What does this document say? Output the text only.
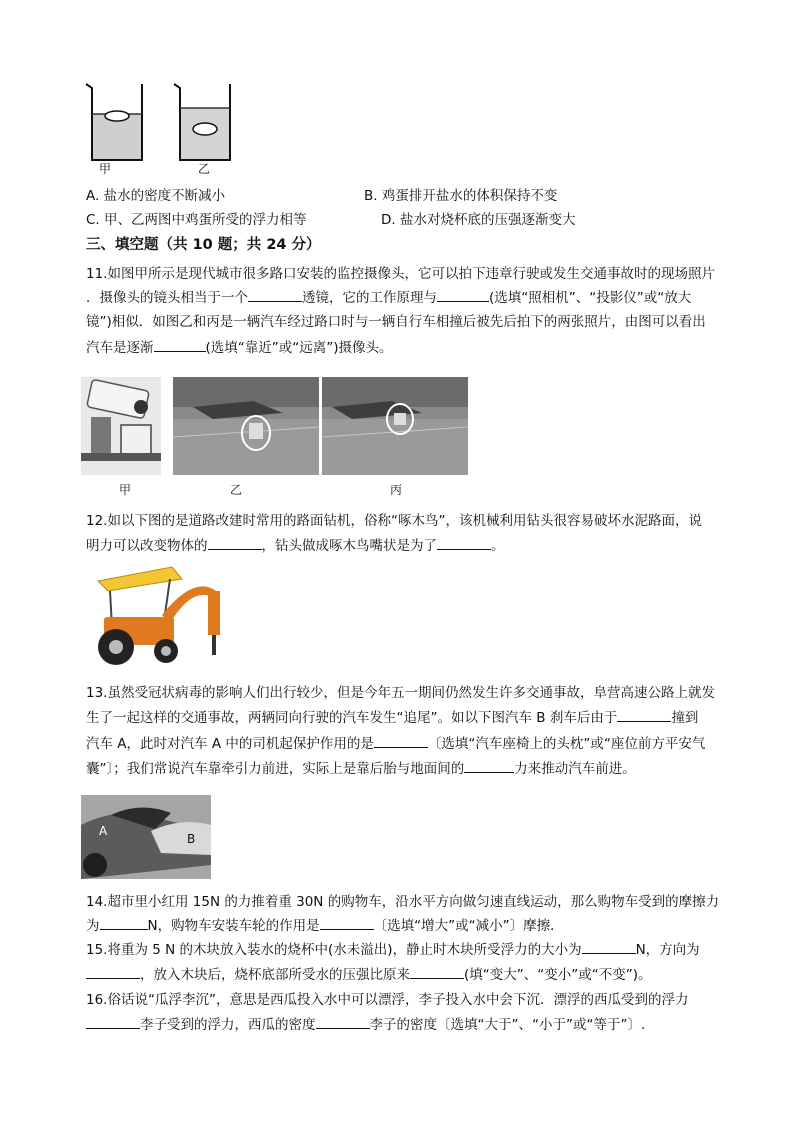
甲	乙
A. 盐水的密度不断减小	B. 鸡蛋排开盐水的体积保持不变
C. 甲、乙两图中鸡蛋所受的浮力相等	D. 盐水对烧杯底的压强逐渐变大
三、填空题（共 10 题；共 24 分）
11.如图甲所示是现代城市很多路口安装的监控摄像头，它可以拍下违章行驶或发生交通事故时的现场照片
．摄像头的镜头相当于一个	透镜，它的工作原理与	(选填“照相机”、“投影仪”或“放大
镜”)相似．如图乙和丙是一辆汽车经过路口时与一辆自行车相撞后被先后拍下的两张照片，由图可以看出
汽车是逐渐	(选填“靠近”或“远离”)摄像头。
甲	乙	丙
12.如以下图的是道路改建时常用的路面钻机，俗称“啄木鸟”，该机械利用钻头很容易破坏水泥路面，说
明力可以改变物体的	，钻头做成啄木鸟嘴状是为了	。
13.虽然受冠状病毒的影响人们出行较少，但是今年五一期间仍然发生许多交通事故，阜营高速公路上就发
生了一起这样的交通事故，两辆同向行驶的汽车发生“追尾”。如以下图汽车 B 刹车后由于	撞到
汽车 A，此时对汽车 A 中的司机起保护作用的是	〔选填“汽车座椅上的头枕”或“座位前方平安气
囊”〕；我们常说汽车靠牵引力前进，实际上是靠后胎与地面间的	力来推动汽车前进。
A
B
14.超市里小红用 15N 的力推着重 30N 的购物车，沿水平方向做匀速直线运动，那么购物车受到的摩擦力
为	N，购物车安装车轮的作用是	〔选填“增大”或“减小”〕摩擦．
15.将重为 5 N 的木块放入装水的烧杯中(水未溢出)，静止时木块所受浮力的大小为	N，方向为
，放入木块后，烧杯底部所受水的压强比原来	(填“变大”、“变小”或“不变”)。
16.俗话说“瓜浮李沉”，意思是西瓜投入水中可以漂浮，李子投入水中会下沉．漂浮的西瓜受到的浮力
李子受到的浮力，西瓜的密度	李子的密度〔选填“大于”、“小于”或“等于”〕.
